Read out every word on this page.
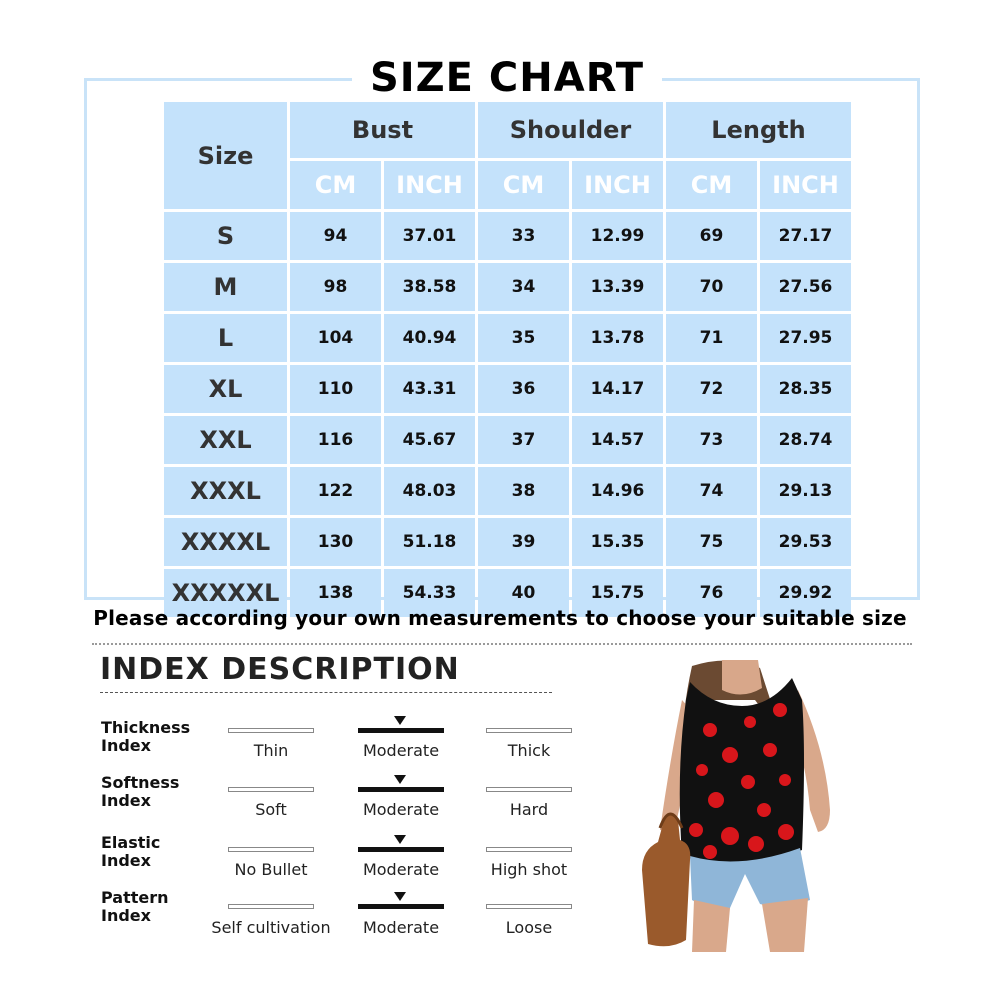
SIZE CHART
Size
Bust	Shoulder	Length
CM	INCH	CM	INCH	CM	INCH
S	94	37.01	33	12.99	69	27.17
M	98	38.58	34	13.39	70	27.56
L	104	40.94	35	13.78	71	27.95
XL	110	43.31	36	14.17	72	28.35
XXL	116	45.67	37	14.57	73	28.74
XXXL	122	48.03	38	14.96	74	29.13
XXXXL	130	51.18	39	15.35	75	29.53
XXXXXL	138	54.33	40	15.75	76	29.92
Please according your own measurements to choose your suitable size
INDEX DESCRIPTION
Thickness
Index	Thin	Moderate	Thick
Softness
Index	Soft	Moderate	Hard
Elastic
Index	No Bullet	Moderate	High shot
Pattern
Index
Self cultivation	Moderate	Loose
